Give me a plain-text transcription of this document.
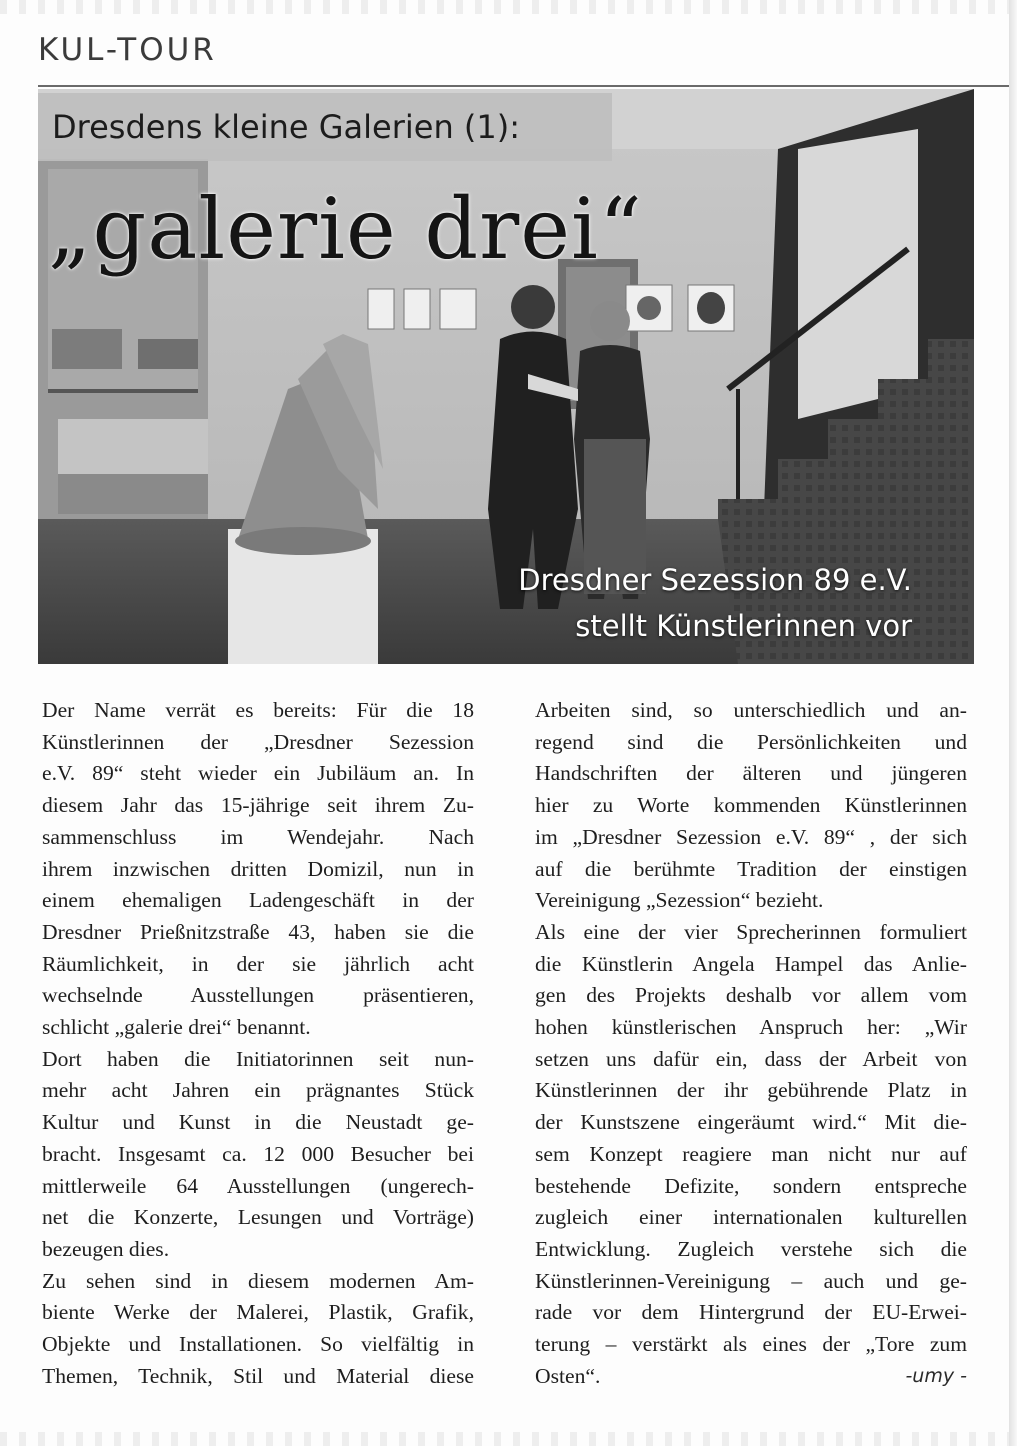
KUL-TOUR
Dresdens kleine Galerien (1):
„galerie drei“
Dresdner Sezession 89 e.V.
stellt Künstlerinnen vor

Der Name verrät es bereits: Für die 18
Künstlerinnen der „Dresdner Sezession
e.V. 89“ steht wieder ein Jubiläum an. In
diesem Jahr das 15-jährige seit ihrem Zu-
sammenschluss im Wendejahr. Nach
ihrem inzwischen dritten Domizil, nun in
einem ehemaligen Ladengeschäft in der
Dresdner Prießnitzstraße 43, haben sie die
Räumlichkeit, in der sie jährlich acht
wechselnde Ausstellungen präsentieren,
schlicht „galerie drei“ benannt.

Dort haben die Initiatorinnen seit nun-
mehr acht Jahren ein prägnantes Stück
Kultur und Kunst in die Neustadt ge-
bracht. Insgesamt ca. 12 000 Besucher bei
mittlerweile 64 Ausstellungen (ungerech-
net die Konzerte, Lesungen und Vorträge)
bezeugen dies.

Zu sehen sind in diesem modernen Am-
biente Werke der Malerei, Plastik, Grafik,
Objekte und Installationen. So vielfältig in
Themen, Technik, Stil und Material diese

Arbeiten sind, so unterschiedlich und an-
regend sind die Persönlichkeiten und
Handschriften der älteren und jüngeren
hier zu Worte kommenden Künstlerinnen
im „Dresdner Sezession e.V. 89“ , der sich
auf die berühmte Tradition der einstigen
Vereinigung „Sezession“ bezieht.

Als eine der vier Sprecherinnen formuliert
die Künstlerin Angela Hampel das Anlie-
gen des Projekts deshalb vor allem vom
hohen künstlerischen Anspruch her: „Wir
setzen uns dafür ein, dass der Arbeit von
Künstlerinnen der ihr gebührende Platz in
der Kunstszene eingeräumt wird.“ Mit die-
sem Konzept reagiere man nicht nur auf
bestehende Defizite, sondern entspreche
zugleich einer internationalen kulturellen
Entwicklung. Zugleich verstehe sich die
Künstlerinnen-Vereinigung – auch und ge-
rade vor dem Hintergrund der EU-Erwei-
terung – verstärkt als eines der „Tore zum
Osten“.	-umy -
